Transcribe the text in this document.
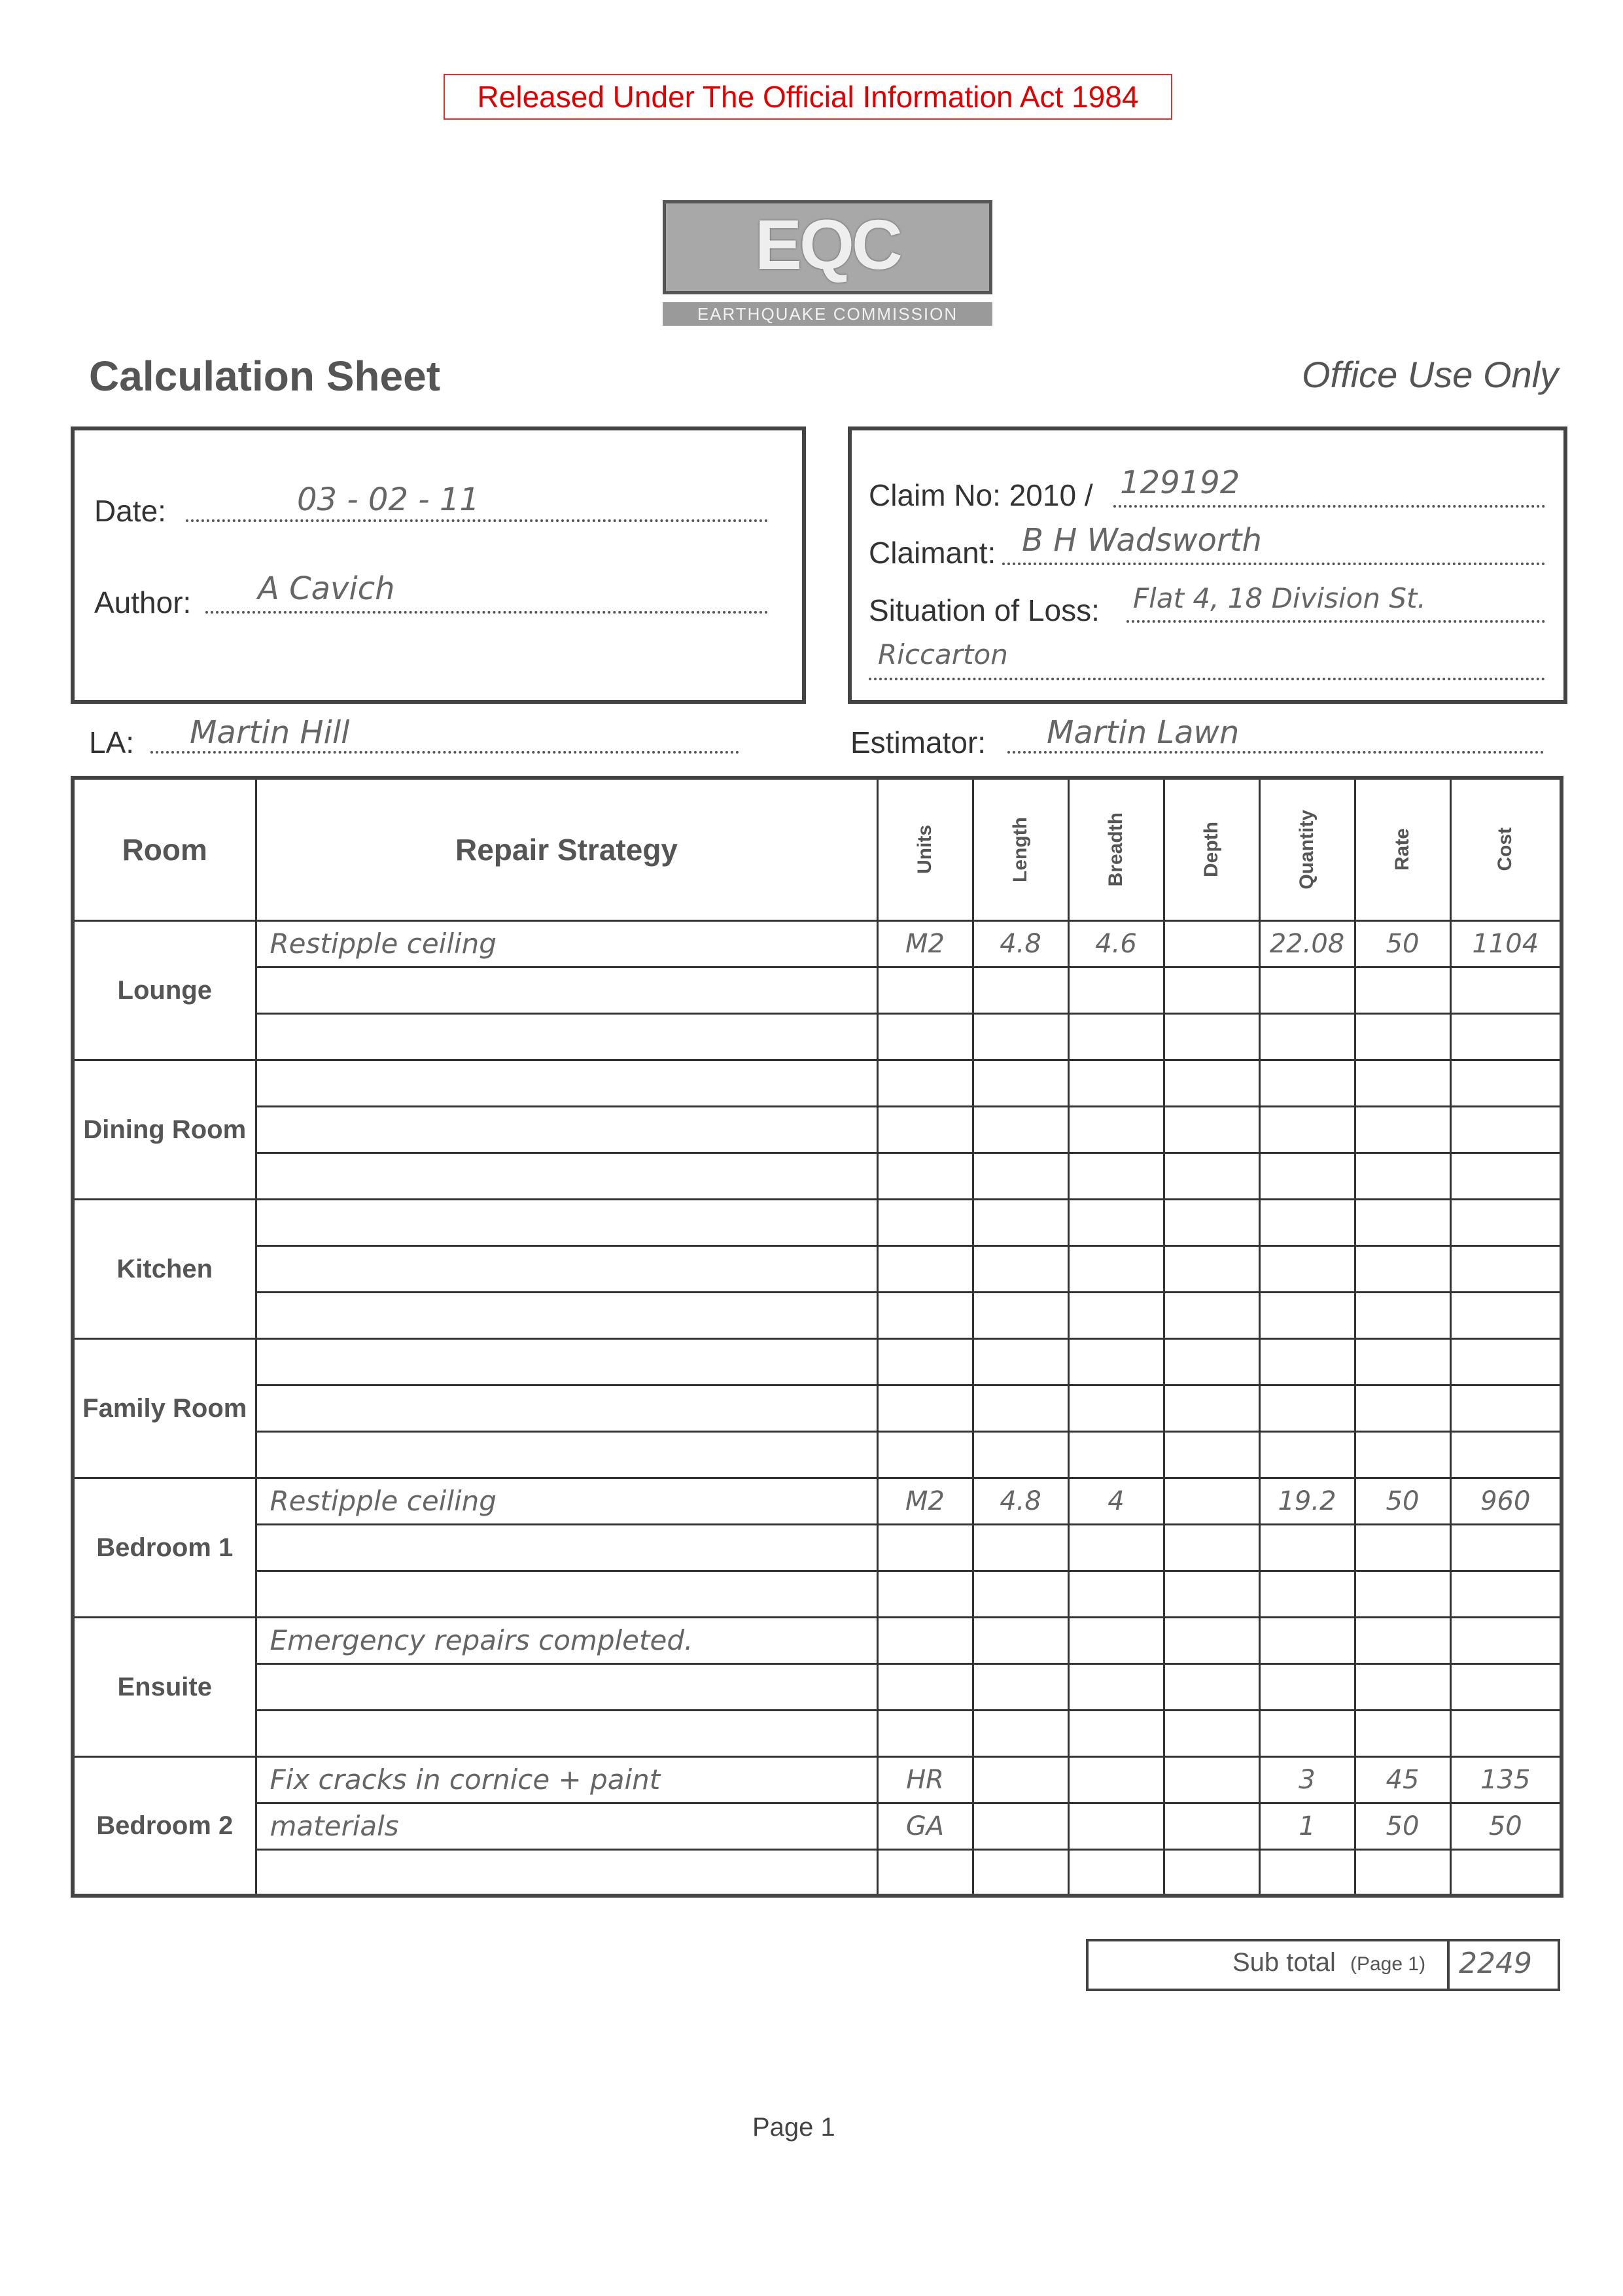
Released Under The Official Information Act 1984
EQC
EARTHQUAKE COMMISSION
Calculation Sheet	Office Use Only
Date:	03 - 02 - 11
Author: A Cavich
Claim No: 2010 / 129192
Claimant: B H Wadsworth
Situation of Loss: Flat 4, 18 Division St.
Riccarton
LA: Martin Hill	Estimator: Martin Lawn
Room	Repair Strategy	Units	Length	Breadth	Depth	Quantity	Rate	Cost

Lounge	Restipple ceiling	M2	4.8	4.6		22.08	50	1104

Dining Room								

Kitchen								

Family Room								

Bedroom 1	Restipple ceiling	M2	4.8	4		19.2	50	960

Ensuite	Emergency repairs completed.							

Bedroom 2	Fix cracks in cornice + paint	HR				3	45	135
	materials	GA				1	50	50

Sub total (Page 1) 2249
Page 1
